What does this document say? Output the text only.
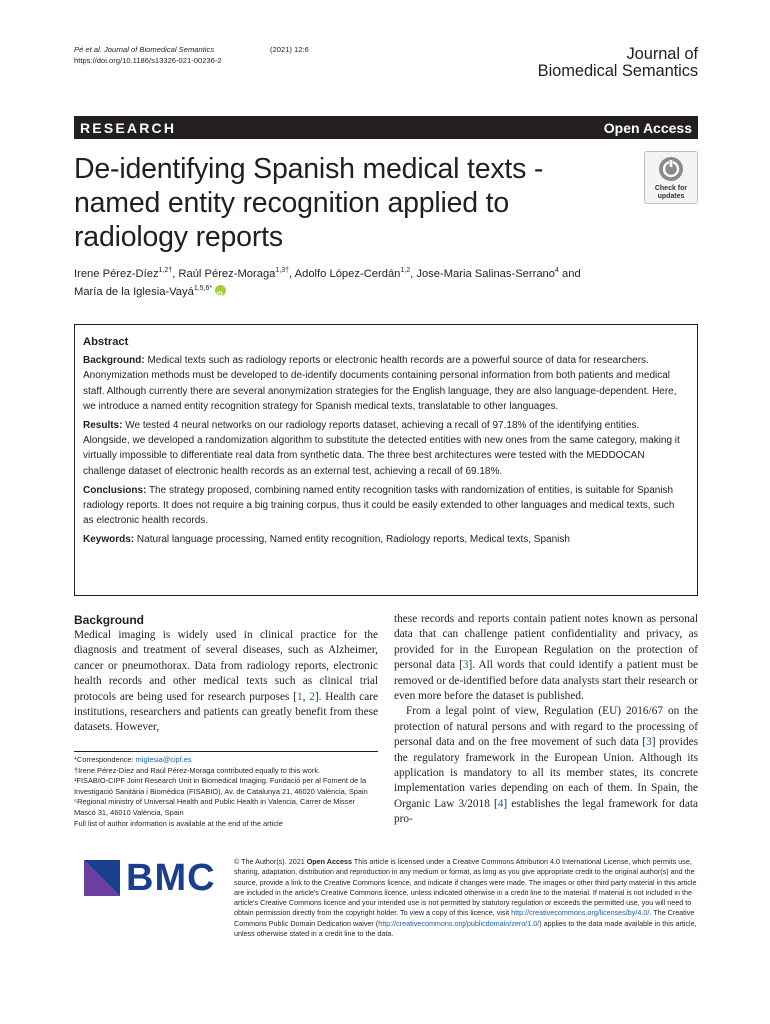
Pé et al. Journal of Biomedical Semantics	(2021) 12:6
https://doi.org/10.1186/s13326-021-00236-2	Journal of
Biomedical Semantics
RESEARCH	Open Access
De-identifying Spanish medical texts - named entity recognition applied to radiology reports
Check for updates
Irene Pérez-Díez$^{1,2\dagger}$, Raúl Pérez-Moraga$^{1,3\dagger}$, Adolfo López-Cerdán$^{1,2}$, Jose-Maria Salinas-Serrano$^4$ and
María de la Iglesia-Vayá$^{1,5,6*}$ iD
Abstract

Background: Medical texts such as radiology reports or electronic health records are a powerful source of data for researchers. Anonymization methods must be developed to de-identify documents containing personal information from both patients and medical staff. Although currently there are several anonymization strategies for the English language, they are also language-dependent. Here, we introduce a named entity recognition strategy for Spanish medical texts, translatable to other languages.

Results: We tested 4 neural networks on our radiology reports dataset, achieving a recall of 97.18% of the identifying entities. Alongside, we developed a randomization algorithm to substitute the detected entities with new ones from the same category, making it virtually impossible to differentiate real data from synthetic data. The three best architectures were tested with the MEDDOCAN challenge dataset of electronic health records as an external test, achieving a recall of 69.18%.

Conclusions: The strategy proposed, combining named entity recognition tasks with randomization of entities, is suitable for Spanish radiology reports. It does not require a big training corpus, thus it could be easily extended to other languages and medical texts, such as electronic health records.

Keywords: Natural language processing, Named entity recognition, Radiology reports, Medical texts, Spanish

Background

Medical imaging is widely used in clinical practice for the diagnosis and treatment of several diseases, such as Alzheimer, cancer or pneumothorax. Data from radiology reports, electronic health records and other medical texts such as clinical trial protocols are being used for research purposes [1, 2]. Health care institutions, researchers and patients can greatly benefit from these datasets. However,

*Correspondence: miglesia@cipf.es
†Irene Pérez-Díez and Raúl Pérez-Moraga contributed equally to this work.
¹FISABIO-CIPF Joint Research Unit in Biomedical Imaging. Fundació per al Foment de la Investigació Sanitària i Biomèdica (FISABIO), Av. de Catalunya 21, 46020 València, Spain
⁵Regional ministry of Universal Health and Public Health in Valencia, Carrer de Misser Mascó 31, 46010 València, Spain
Full list of author information is available at the end of the article

these records and reports contain patient notes known as personal data that can challenge patient confidentiality and privacy, as provided for in the European Regulation on the protection of personal data [3]. All words that could identify a patient must be removed or de-identified before data analysts start their research or even more before the dataset is published.

From a legal point of view, Regulation (EU) 2016/67 on the protection of natural persons and with regard to the processing of personal data and on the free movement of such data [3] provides the regulatory framework in the European Union. Although its application is mandatory to all its member states, its concrete implementation varies depending on each of them. In Spain, the Organic Law 3/2018 [4] establishes the legal framework for data pro-

BMC	© The Author(s). 2021 Open Access This article is licensed under a Creative Commons Attribution 4.0 International License, which permits use, sharing, adaptation, distribution and reproduction in any medium or format, as long as you give appropriate credit to the original author(s) and the source, provide a link to the Creative Commons licence, and indicate if changes were made. The images or other third party material in this article are included in the article's Creative Commons licence, unless indicated otherwise in a credit line to the material. If material is not included in the article's Creative Commons licence and your intended use is not permitted by statutory regulation or exceeds the permitted use, you will need to obtain permission directly from the copyright holder. To view a copy of this licence, visit http://creativecommons.org/licenses/by/4.0/. The Creative Commons Public Domain Dedication waiver (http://creativecommons.org/publicdomain/zero/1.0/) applies to the data made available in this article, unless otherwise stated in a credit line to the data.
